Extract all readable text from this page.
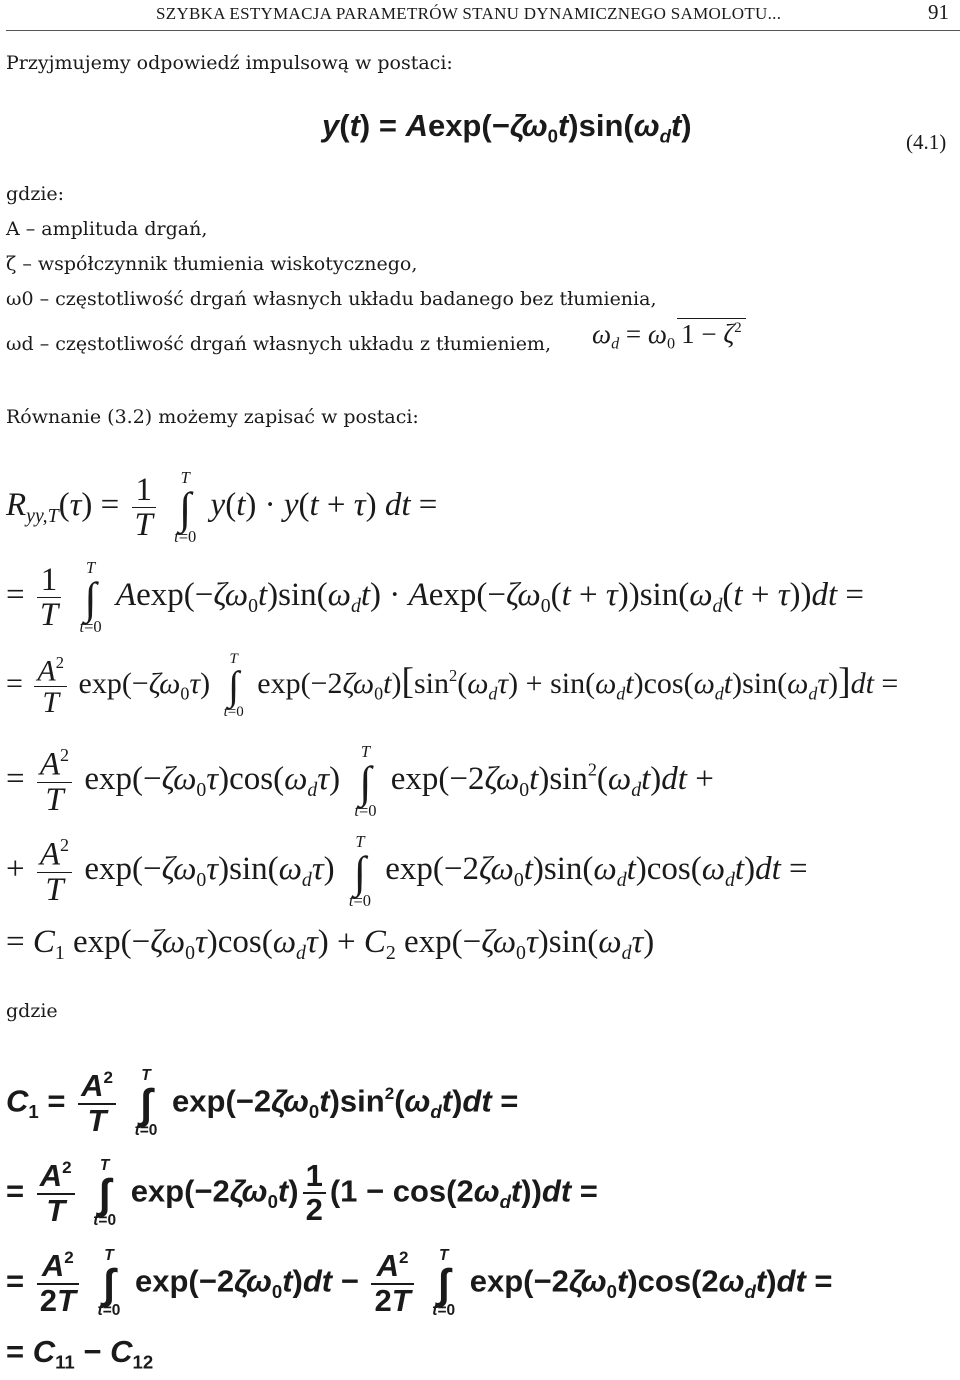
SZYBKA ESTYMACJA PARAMETRÓW STANU DYNAMICZNEGO SAMOLOTU...	91
Przyjmujemy odpowiedź impulsową w postaci:
$y(t) = Aexp(-\zeta\omega_0t)\sin(\omega_dt)$	(4.1)
gdzie:
A – amplituda drgań,
ζ – współczynnik tłumienia wiskotycznego,
ω0 – częstotliwość drgań własnych układu badanego bez tłumienia,
ωd – częstotliwość drgań własnych układu z tłumieniem, $\omega_d = \omega_0$ $1 - \zeta^2$
Równanie (3.2) możemy zapisać w postaci:
$R_{yy,T}(\tau) = \frac{1}{T}$
	T
∫
t=0
y(t) · y(t + τ) dt =
= $\frac{1}{T}$
	T
∫
t=0
$Aexp(-\zeta\omega_0t)\sin(\omega_dt) \cdot Aexp(-\zeta\omega_0(t + \tau))\sin(\omega_d(t + \tau))dt$ =
= $\frac{A^2}{T} \exp(-\zeta\omega_0\tau)$
T
∫
t=0
$\exp(-2\zeta\omega_0t)[\sin^2(\omega_d\tau) + \sin(\omega_dt)\cos(\omega_dt)\sin(\omega_d\tau)]dt$ =
= $\frac{A^2}{T} \exp(-\zeta\omega_0\tau)\cos(\omega_d\tau)$
T
∫
t=0
$\exp(-2\zeta\omega_0t)\sin^2(\omega_dt)dt$ +
+ $\frac{A^2}{T} \exp(-\zeta\omega_0\tau)\sin(\omega_d\tau)$
T
∫
t=0
$\exp(-2\zeta\omega_0t)\sin(\omega_dt)\cos(\omega_dt)dt$ =
= $C_1$ $\exp(-\zeta\omega_0\tau)\cos(\omega_d\tau) + C_2$ $\exp(-\zeta\omega_0\tau)\sin(\omega_d\tau)$
gdzie
$C_1 = \frac{A^2}{T}$
	T
∫
t=0
$\exp(-2\zeta\omega_0t)\sin^2(\omega_dt)dt$ =
= $\frac{A^2}{T}$
	T
∫
t=0
$\exp(-2\zeta\omega_0t) \frac{1}{2} (1 - \cos(2\omega_dt))dt$ =
= $\frac{A^2}{2T}$
	T
∫
t=0
$\exp(-2\zeta\omega_0t)dt - \frac{A^2}{2T}$
	T
∫
t=0
$\exp(-2\zeta\omega_0t)\cos(2\omega_dt)dt$ =
= $C_{11} - C_{12}$
